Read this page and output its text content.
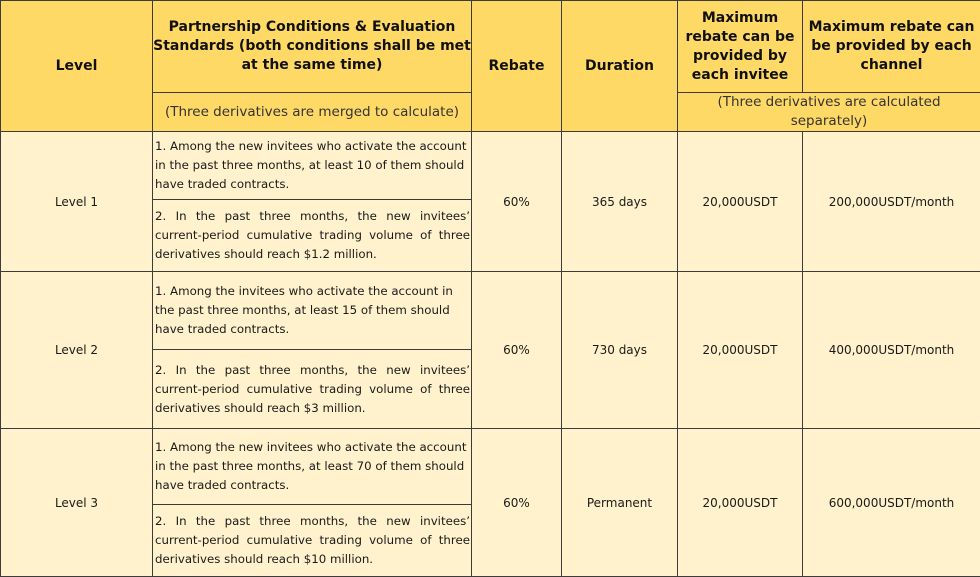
Level	Partnership Conditions & Evaluation Standards (both conditions shall be met at the same time)	Rebate	Duration	Maximum rebate can be provided by each invitee	Maximum rebate can be provided by each channel
	(Three derivatives are merged to calculate)			(Three derivatives are calculated separately)	
Level 1	1. Among the new invitees who activate the account in the past three months, at least 10 of them should have traded contracts.	60%	365 days	20,000USDT	200,000USDT/month
	2. In the past three months, the new invitees’ current-period cumulative trading volume of three derivatives should reach $1.2 million.				
Level 2	1. Among the invitees who activate the account in the past three months, at least 15 of them should have traded contracts.	60%	730 days	20,000USDT	400,000USDT/month
	2. In the past three months, the new invitees’ current-period cumulative trading volume of three derivatives should reach $3 million.				
Level 3	1. Among the new invitees who activate the account in the past three months, at least 70 of them should have traded contracts.	60%	Permanent	20,000USDT	600,000USDT/month
	2. In the past three months, the new invitees’ current-period cumulative trading volume of three derivatives should reach $10 million.				
